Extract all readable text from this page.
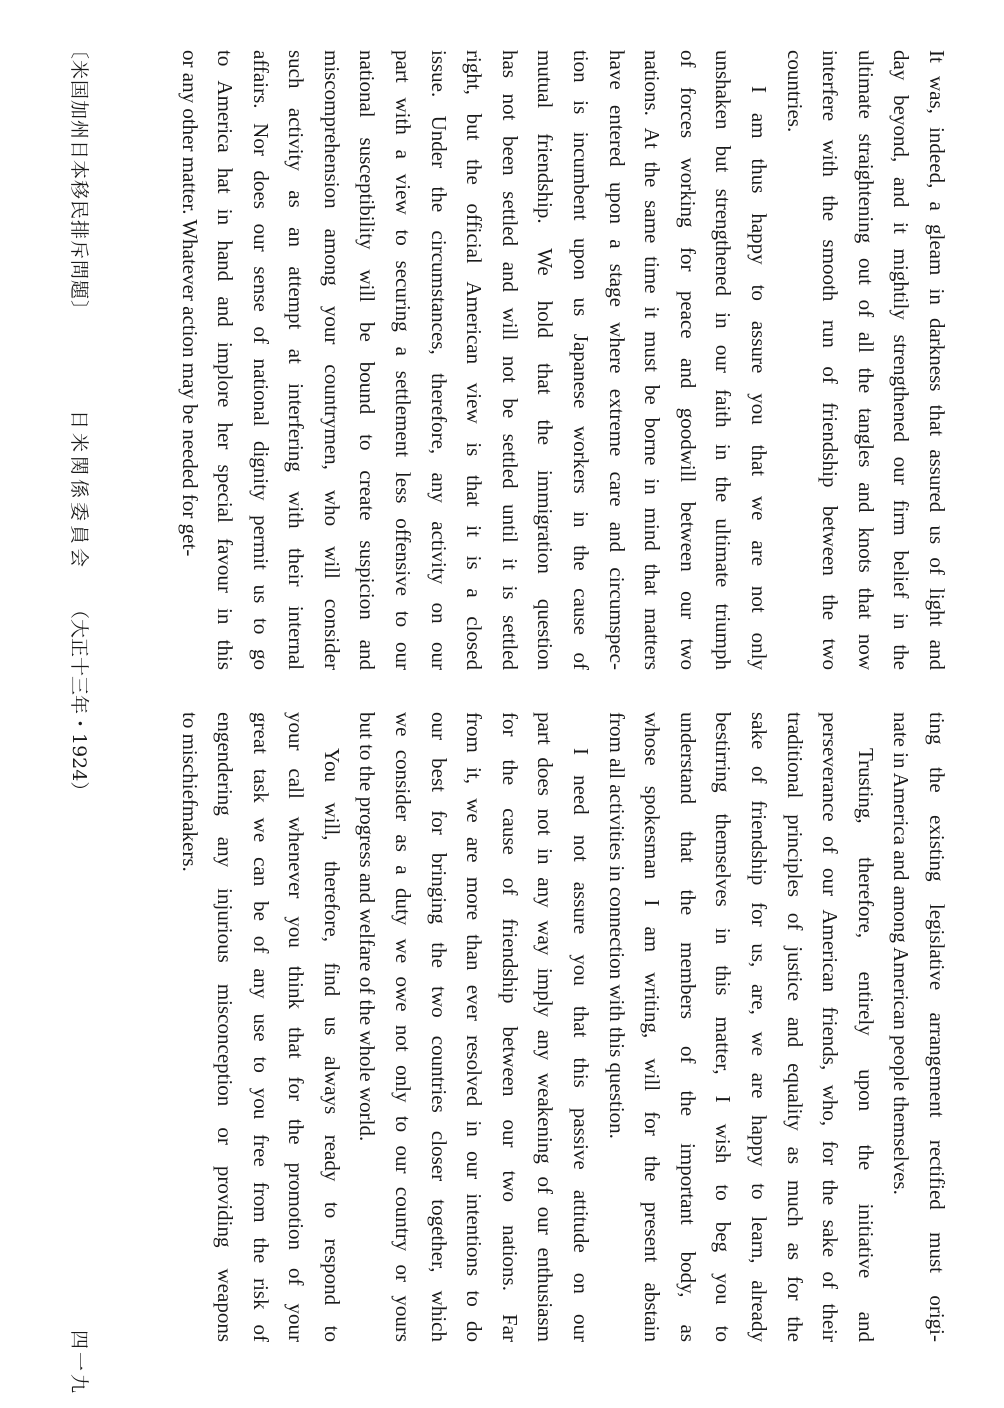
It was, indeed, a gleam in darkness that assured us of light and
day beyond, and it mightily strengthened our firm belief in the
ultimate straightening out of all the tangles and knots that now
interfere with the smooth run of friendship between the two
countries.

I am thus happy to assure you that we are not only
unshaken but strengthened in our faith in the ultimate triumph
of forces working for peace and goodwill between our two
nations. At the same time it must be borne in mind that matters
have entered upon a stage where extreme care and circumspec-
tion is incumbent upon us Japanese workers in the cause of
mutual friendship. We hold that the immigration question
has not been settled and will not be settled until it is settled
right, but the official American view is that it is a closed
issue. Under the circumstances, therefore, any activity on our
part with a view to securing a settlement less offensive to our
national susceptibility will be bound to create suspicion and
miscomprehension among your countrymen, who will consider
such activity as an attempt at interfering with their internal
affairs. Nor does our sense of national dignity permit us to go
to America hat in hand and implore her special favour in this
or any other matter. Whatever action may be needed for get-

ting the existing legislative arrangement rectified must origi-
nate in America and among American people themselves.

Trusting, therefore, entirely upon the initiative and
perseverance of our American friends, who, for the sake of their
traditional principles of justice and equality as much as for the
sake of friendship for us, are, we are happy to learn, already
bestirring themselves in this matter, I wish to beg you to
understand that the members of the important body, as
whose spokesman I am writing, will for the present abstain
from all activities in connection with this question.

I need not assure you that this passive attitude on our
part does not in any way imply any weakening of our enthusiasm
for the cause of friendship between our two nations. Far
from it, we are more than ever resolved in our intentions to do
our best for bringing the two countries closer together, which
we consider as a duty we owe not only to our country or yours
but to the progress and welfare of the whole world.

You will, therefore, find us always ready to respond to
your call whenever you think that for the promotion of your
great task we can be of any use to you free from the risk of
engendering any injurious misconception or providing weapons
to mischiefmakers.

〔米国加州日本移民排斥問題〕
日米関係委員会
（大正十三年・1924）
四一九
